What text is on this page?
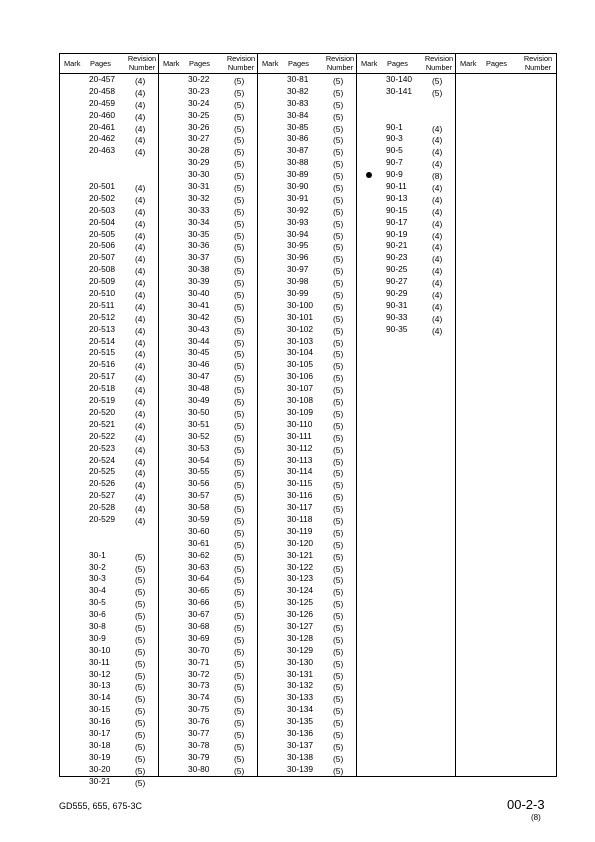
Mark Pages
Revision
Number
20-457 (4)
20-458 (4)
20-459 (4)
20-460 (4)
20-461 (4)
20-462 (4)
20-463 (4)
20-501 (4)
20-502 (4)
20-503 (4)
20-504 (4)
20-505 (4)
20-506 (4)
20-507 (4)
20-508 (4)
20-509 (4)
20-510 (4)
20-511 (4)
20-512 (4)
20-513 (4)
20-514 (4)
20-515 (4)
20-516 (4)
20-517 (4)
20-518 (4)
20-519 (4)
20-520 (4)
20-521 (4)
20-522 (4)
20-523 (4)
20-524 (4)
20-525 (4)
20-526 (4)
20-527 (4)
20-528 (4)
20-529 (4)
30-1	(5)
30-2	(5)
30-3	(5)
30-4	(5)
30-5	(5)
30-6	(5)
30-8	(5)
30-9	(5)
30-10	(5)
30-11	(5)
30-12	(5)
30-13	(5)
30-14	(5)
30-15	(5)
30-16	(5)
30-17	(5)
30-18	(5)
30-19	(5)
30-20	(5)
30-21	(5)
Mark Pages
Revision
Number
30-22	(5)
30-23	(5)
30-24	(5)
30-25	(5)
30-26	(5)
30-27	(5)
30-28	(5)
30-29	(5)
30-30	(5)
30-31	(5)
30-32	(5)
30-33	(5)
30-34	(5)
30-35	(5)
30-36	(5)
30-37	(5)
30-38	(5)
30-39	(5)
30-40	(5)
30-41	(5)
30-42	(5)
30-43	(5)
30-44	(5)
30-45	(5)
30-46	(5)
30-47	(5)
30-48	(5)
30-49	(5)
30-50	(5)
30-51	(5)
30-52	(5)
30-53	(5)
30-54	(5)
30-55	(5)
30-56	(5)
30-57	(5)
30-58	(5)
30-59	(5)
30-60	(5)
30-61	(5)
30-62	(5)
30-63	(5)
30-64	(5)
30-65	(5)
30-66	(5)
30-67	(5)
30-68	(5)
30-69	(5)
30-70	(5)
30-71	(5)
30-72	(5)
30-73	(5)
30-74	(5)
30-75	(5)
30-76	(5)
30-77	(5)
30-78	(5)
30-79	(5)
30-80	(5)
Mark Pages
Revision
Number
30-81	(5)
30-82	(5)
30-83	(5)
30-84	(5)
30-85	(5)
30-86	(5)
30-87	(5)
30-88	(5)
30-89	(5)
30-90	(5)
30-91	(5)
30-92	(5)
30-93	(5)
30-94	(5)
30-95	(5)
30-96	(5)
30-97	(5)
30-98	(5)
30-99	(5)
30-100 (5)
30-101 (5)
30-102 (5)
30-103 (5)
30-104 (5)
30-105 (5)
30-106 (5)
30-107 (5)
30-108 (5)
30-109 (5)
30-110 (5)
30-111	(5)
30-112 (5)
30-113 (5)
30-114 (5)
30-115 (5)
30-116 (5)
30-117 (5)
30-118 (5)
30-119 (5)
30-120 (5)
30-121 (5)
30-122 (5)
30-123 (5)
30-124 (5)
30-125 (5)
30-126 (5)
30-127 (5)
30-128 (5)
30-129 (5)
30-130 (5)
30-131 (5)
30-132 (5)
30-133 (5)
30-134 (5)
30-135 (5)
30-136 (5)
30-137 (5)
30-138 (5)
30-139 (5)
Mark Pages
Revision
Number
30-140 (5)
30-141 (5)
90-1	(4)
90-3	(4)
90-5	(4)
90-7	(4)
90-9	(8)
90-11	(4)
90-13	(4)
90-15	(4)
90-17	(4)
90-19	(4)
90-21	(4)
90-23	(4)
90-25	(4)
90-27	(4)
90-29	(4)
90-31	(4)
90-33	(4)
90-35	(4)
Mark Pages
Revision
Number
GD555, 655, 675-3C	00-2-3
(8)
